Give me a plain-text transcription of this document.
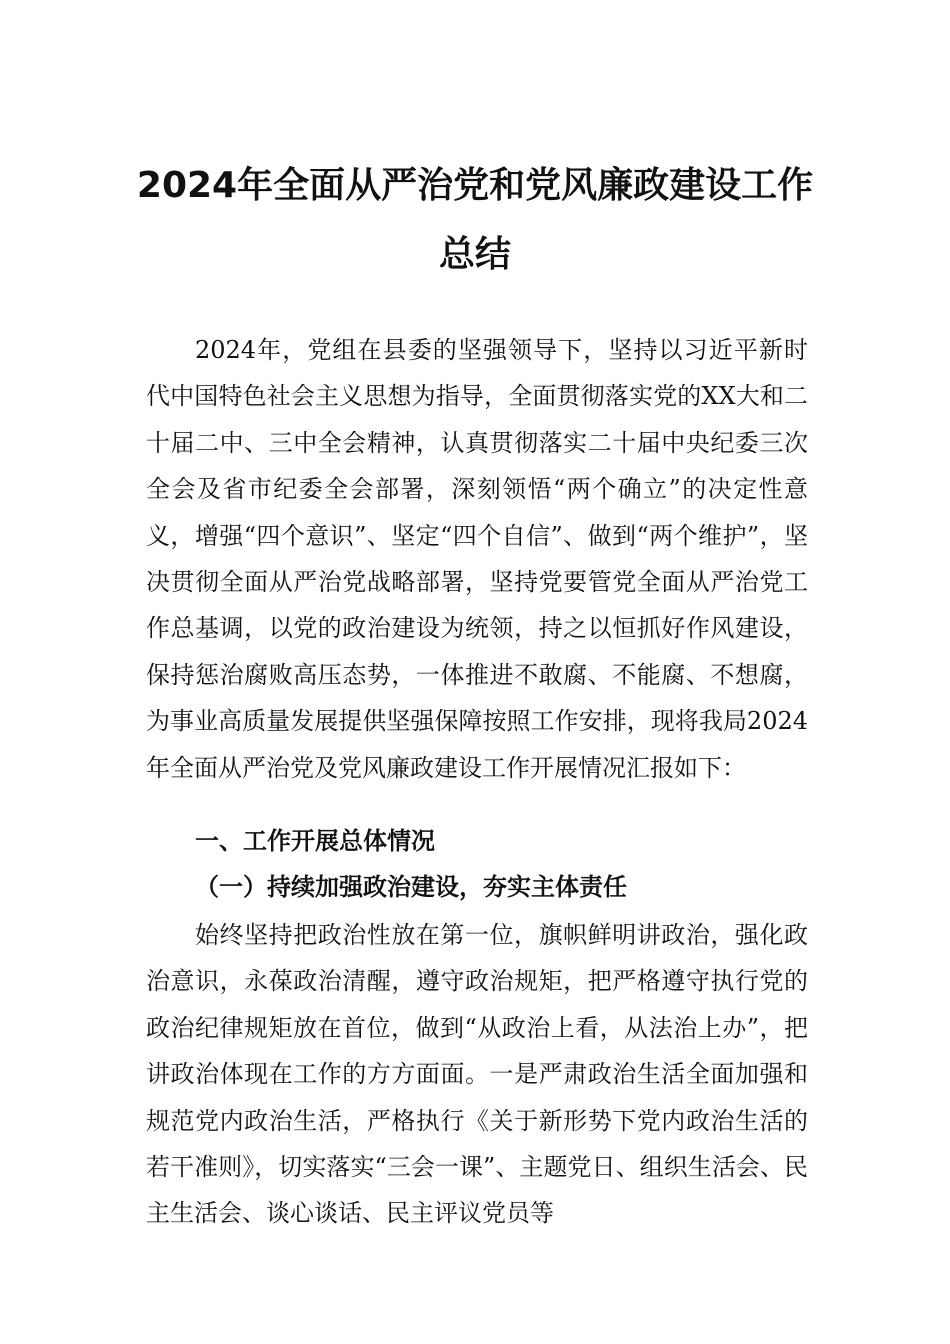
2024年全面从严治党和党风廉政建设工作
总结
2024年，党组在县委的坚强领导下，坚持以习近平新时代中国特色社会主义思想为指导，全面贯彻落实党的XX大和二十届二中、三中全会精神，认真贯彻落实二十届中央纪委三次全会及省市纪委全会部署，深刻领悟“两个确立”的决定性意义，增强“四个意识”、坚定“四个自信”、做到“两个维护”，坚决贯彻全面从严治党战略部署，坚持党要管党全面从严治党工作总基调，以党的政治建设为统领，持之以恒抓好作风建设，保持惩治腐败高压态势，一体推进不敢腐、不能腐、不想腐，为事业高质量发展提供坚强保障按照工作安排，现将我局2024年全面从严治党及党风廉政建设工作开展情况汇报如下：
一、工作开展总体情况
（一）持续加强政治建设，夯实主体责任
始终坚持把政治性放在第一位，旗帜鲜明讲政治，强化政治意识，永葆政治清醒，遵守政治规矩，把严格遵守执行党的政治纪律规矩放在首位，做到“从政治上看，从法治上办”，把讲政治体现在工作的方方面面。一是严肃政治生活全面加强和规范党内政治生活，严格执行《关于新形势下党内政治生活的若干准则》，切实落实“三会一课”、主题党日、组织生活会、民主生活会、谈心谈话、民主评议党员等
